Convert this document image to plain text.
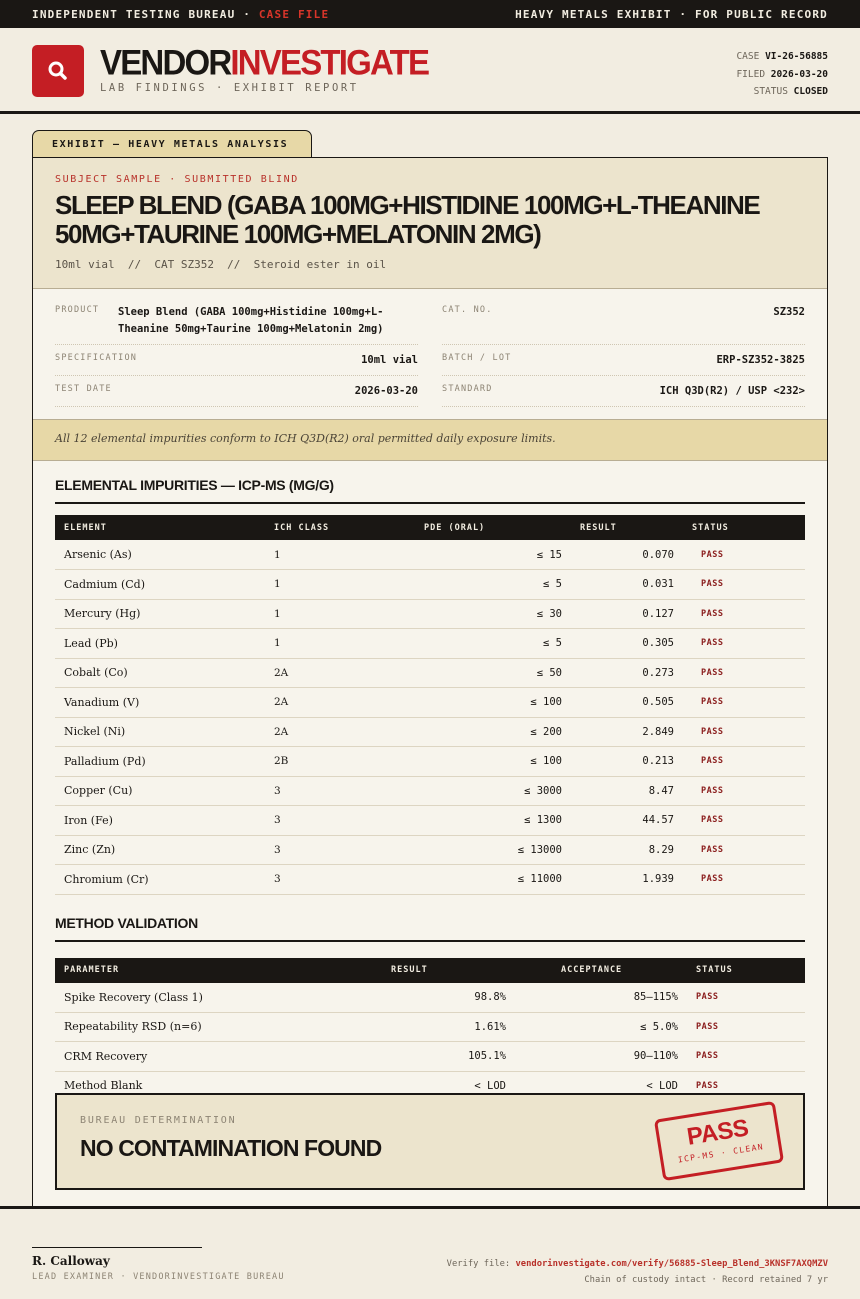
INDEPENDENT TESTING BUREAU · CASE FILE	HEAVY METALS EXHIBIT · FOR PUBLIC RECORD
VENDORINVESTIGATE
LAB FINDINGS · EXHIBIT REPORT
CASE VI-26-56885
FILED 2026-03-20
STATUS CLOSED
EXHIBIT — HEAVY METALS ANALYSIS
SUBJECT SAMPLE · SUBMITTED BLIND
SLEEP BLEND (GABA 100MG+HISTIDINE 100MG+L-THEANINE 50MG+TAURINE 100MG+MELATONIN 2MG)
10ml vial  //  CAT SZ352  //  Steroid ester in oil
PRODUCT Sleep Blend (GABA 100mg+Histidine 100mg+L-Theanine 50mg+Taurine 100mg+Melatonin 2mg)
CAT. NO.	SZ352
SPECIFICATION	10ml vial	BATCH / LOT	ERP-SZ352-3825
TEST DATE	2026-03-20	STANDARD	ICH Q3D(R2) / USP <232>
All 12 elemental impurities conform to ICH Q3D(R2) oral permitted daily exposure limits.
ELEMENTAL IMPURITIES — ICP-MS (ΜG/G)
ELEMENT	ICH CLASS	PDE (ORAL)	RESULT	STATUS
Arsenic (As)	1	≤ 15	0.070	PASS
Cadmium (Cd)	1	≤ 5	0.031	PASS
Mercury (Hg)	1	≤ 30	0.127	PASS
Lead (Pb)	1	≤ 5	0.305	PASS
Cobalt (Co)	2A	≤ 50	0.273	PASS
Vanadium (V)	2A	≤ 100	0.505	PASS
Nickel (Ni)	2A	≤ 200	2.849	PASS
Palladium (Pd)	2B	≤ 100	0.213	PASS
Copper (Cu)	3	≤ 3000	8.47	PASS
Iron (Fe)	3	≤ 1300	44.57	PASS
Zinc (Zn)	3	≤ 13000	8.29	PASS
Chromium (Cr)	3	≤ 11000	1.939	PASS
METHOD VALIDATION
PARAMETER	RESULT	ACCEPTANCE	STATUS
Spike Recovery (Class 1)	98.8%	85–115%	PASS
Repeatability RSD (n=6)	1.61%	≤ 5.0%	PASS
CRM Recovery	105.1%	90–110%	PASS
Method Blank	< LOD	< LOD	PASS
BUREAU DETERMINATION
NO CONTAMINATION FOUND	PASS
ICP-MS · CLEAN
R. Calloway
LEAD EXAMINER · VENDORINVESTIGATE BUREAU
Verify file: vendorinvestigate.com/verify/56885-Sleep_Blend_3KNSF7AXQMZV
Chain of custody intact · Record retained 7 yr
